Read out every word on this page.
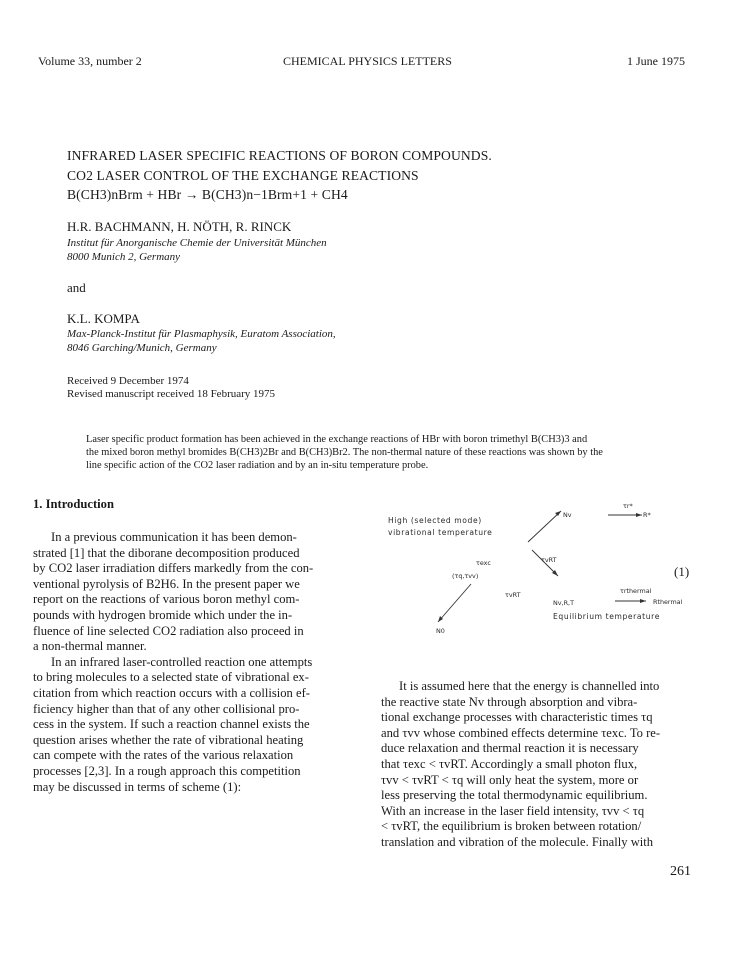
Volume 33, number 2	CHEMICAL PHYSICS LETTERS	1 June 1975
INFRARED LASER SPECIFIC REACTIONS OF BORON COMPOUNDS.
CO2 LASER CONTROL OF THE EXCHANGE REACTIONS
B(CH3)nBrm + HBr → B(CH3)n−1Brm+1 + CH4
H.R. BACHMANN, H. NÖTH, R. RINCK
Institut für Anorganische Chemie der Universität München
8000 Munich 2, Germany
and
K.L. KOMPA
Max-Planck-Institut für Plasmaphysik, Euratom Association,
8046 Garching/Munich, Germany
Received 9 December 1974
Revised manuscript received 18 February 1975
Laser specific product formation has been achieved in the exchange reactions of HBr with boron trimethyl B(CH3)3 and
the mixed boron methyl bromides B(CH3)2Br and B(CH3)Br2. The non-thermal nature of these reactions was shown by the
line specific action of the CO2 laser radiation and by an in-situ temperature probe.
1. Introduction
In a previous communication it has been demon-
strated [1] that the diborane decomposition produced
by CO2 laser irradiation differs markedly from the con-
ventional pyrolysis of B2H6. In the present paper we
report on the reactions of various boron methyl com-
pounds with hydrogen bromide which under the in-
fluence of line selected CO2 radiation also proceed in
a non-thermal manner.
In an infrared laser-controlled reaction one attempts
to bring molecules to a selected state of vibrational ex-
citation from which reaction occurs with a collision ef-
ficiency higher than that of any other collisional pro-
cess in the system. If such a reaction channel exists the
question arises whether the rate of vibrational heating
can compete with the rates of the various relaxation
processes [2,3]. In a rough approach this competition
may be discussed in terms of scheme (1):
High (selected mode)
vibrational temperature
Nv
τr*
R*
τexc
(τq,τvv)
τvRT
τvRT
Nv,R,T
τrthermal
Rthermal
Equilibrium temperature
N0
(1)
It is assumed here that the energy is channelled into
the reactive state Nv through absorption and vibra-
tional exchange processes with characteristic times τq
and τvv whose combined effects determine τexc. To re-
duce relaxation and thermal reaction it is necessary
that τexc < τvRT. Accordingly a small photon flux,
τvv < τvRT < τq will only heat the system, more or
less preserving the total thermodynamic equilibrium.
With an increase in the laser field intensity, τvv < τq
< τvRT, the equilibrium is broken between rotation/
translation and vibration of the molecule. Finally with
261
